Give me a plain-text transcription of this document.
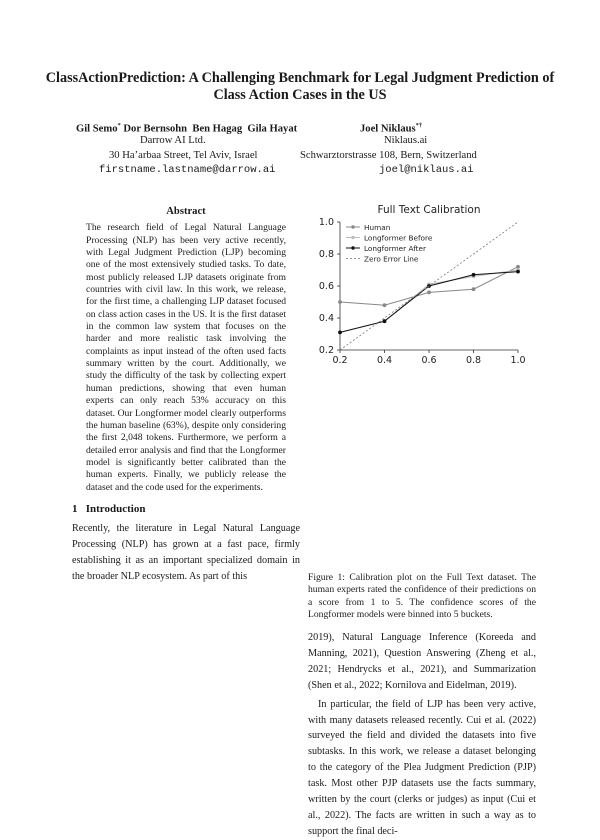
ClassActionPrediction: A Challenging Benchmark for Legal Judgment Prediction of Class Action Cases in the US
Gil Semo* Dor Bernsohn Ben Hagag Gila Hayat	Joel Niklaus*†
Darrow AI Ltd.	Niklaus.ai
30 Ha’arbaa Street, Tel Aviv, Israel	Schwarztorstrasse 108, Bern, Switzerland
firstname.lastname@darrow.ai	joel@niklaus.ai
Abstract
The research field of Legal Natural Language Processing (NLP) has been very active recently, with Legal Judgment Prediction (LJP) becoming one of the most extensively studied tasks. To date, most publicly released LJP datasets originate from countries with civil law. In this work, we release, for the first time, a challenging LJP dataset focused on class action cases in the US. It is the first dataset in the common law system that focuses on the harder and more realistic task involving the complaints as input instead of the often used facts summary written by the court. Additionally, we study the difficulty of the task by collecting expert human predictions, showing that even human experts can only reach 53% accuracy on this dataset. Our Longformer model clearly outperforms the human baseline (63%), despite only considering the first 2,048 tokens. Furthermore, we perform a detailed error analysis and find that the Longformer model is significantly better calibrated than the human experts. Finally, we publicly release the dataset and the code used for the experiments.
1 Introduction
Recently, the literature in Legal Natural Language Processing (NLP) has grown at a fast pace, firmly establishing it as an important specialized domain in the broader NLP ecosystem. As part of this
Full Text Calibration
0.2	0.4	0.6	0.8	1.0
0.2
0.4
0.6
0.8
1.0	Human
Longformer Before
Longformer After
Zero Error Line
Figure 1: Calibration plot on the Full Text dataset. The human experts rated the confidence of their predictions on a score from 1 to 5. The confidence scores of the Longformer models were binned into 5 buckets.

2019), Natural Language Inference (Koreeda and Manning, 2021), Question Answering (Zheng et al., 2021; Hendrycks et al., 2021), and Summarization (Shen et al., 2022; Kornilova and Eidelman, 2019).

In particular, the field of LJP has been very active, with many datasets released recently. Cui et al. (2022) surveyed the field and divided the datasets into five subtasks. In this work, we release a dataset belonging to the category of the Plea Judgment Prediction (PJP) task. Most other PJP datasets use the facts summary, written by the court (clerks or judges) as input (Cui et al., 2022). The facts are written in such a way as to support the final deci-
